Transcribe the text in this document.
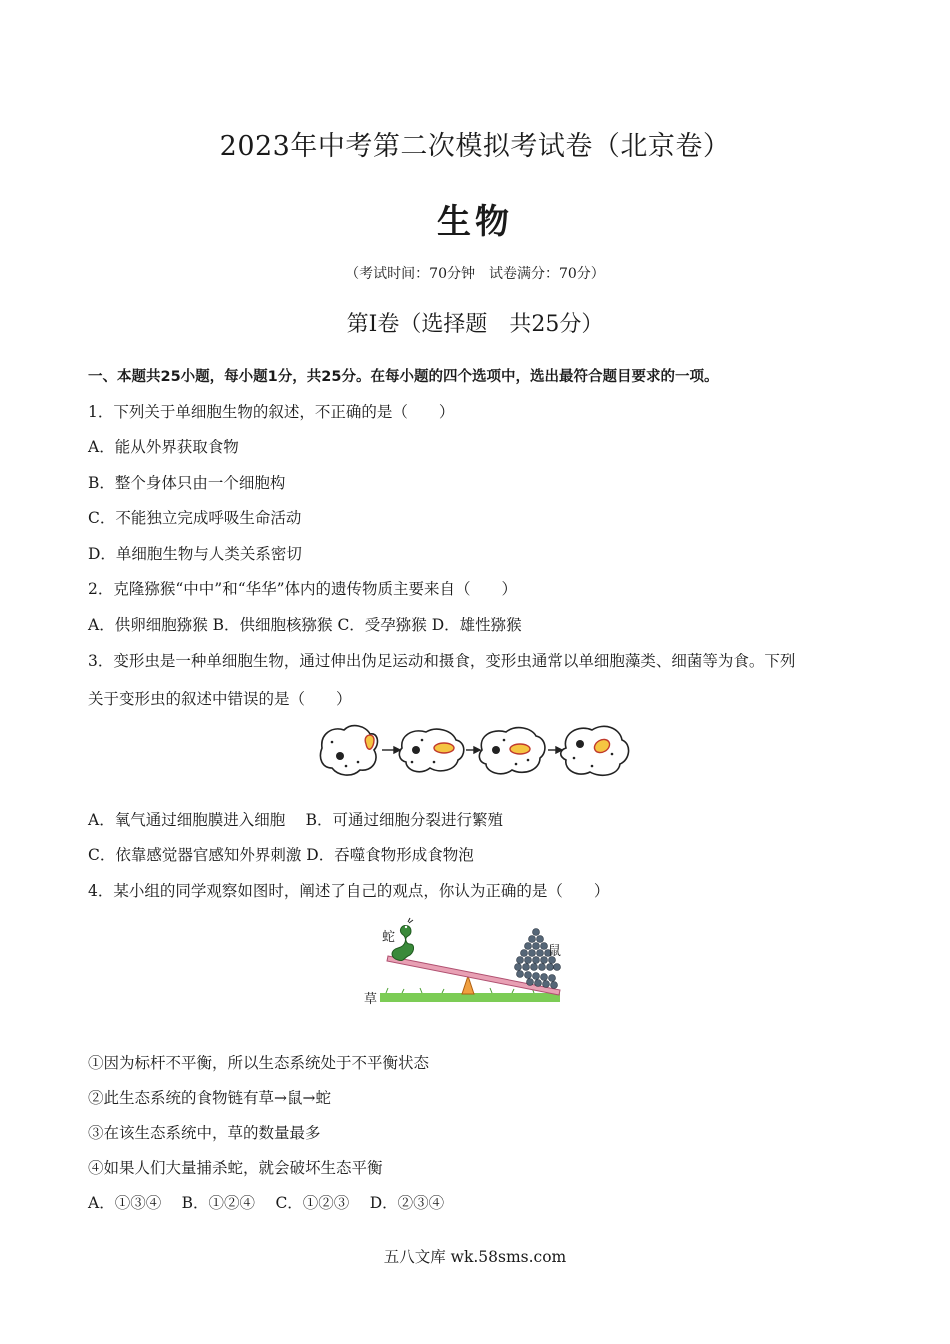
2023年中考第二次模拟考试卷（北京卷）
生物
（考试时间：70分钟　试卷满分：70分）
第Ⅰ卷（选择题　共25分）
一、本题共25小题，每小题1分，共25分。在每小题的四个选项中，选出最符合题目要求的一项。
1．下列关于单细胞生物的叙述，不正确的是（　　）
A．能从外界获取食物
B．整个身体只由一个细胞构
C．不能独立完成呼吸生命活动
D．单细胞生物与人类关系密切
2．克隆猕猴“中中”和“华华”体内的遗传物质主要来自（　　）
A．供卵细胞猕猴 B．供细胞核猕猴 C．受孕猕猴 D．雄性猕猴
3．变形虫是一种单细胞生物，通过伸出伪足运动和摄食，变形虫通常以单细胞藻类、细菌等为食。下列
关于变形虫的叙述中错误的是（　　）
A．氧气通过细胞膜进入细胞　 B．可通过细胞分裂进行繁殖
C．依靠感觉器官感知外界刺激 D．吞噬食物形成食物泡
4．某小组的同学观察如图时，阐述了自己的观点，你认为正确的是（　　）
蛇
鼠
草
①因为标杆不平衡，所以生态系统处于不平衡状态
②此生态系统的食物链有草→鼠→蛇
③在该生态系统中，草的数量最多
④如果人们大量捕杀蛇，就会破坏生态平衡
A．①③④　 B．①②④　 C．①②③　 D．②③④
五八文库 wk.58sms.com
